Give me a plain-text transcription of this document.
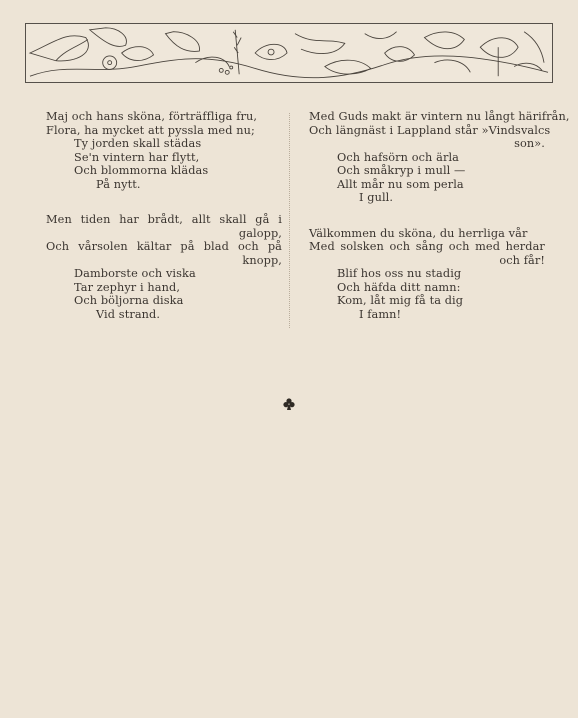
Maj och hans sköna, förträffliga fru,
Flora, ha mycket att pyssla med nu;
Ty jorden skall städas
Se'n vintern har flytt,
Och blommorna klädas
På nytt.
Men tiden har brådt, allt skall gå i
galopp,
Och vårsolen kältar på blad och på
knopp,
Damborste och viska
Tar zephyr i hand,
Och böljorna diska
Vid strand.
Med Guds makt är vintern nu långt härifrån,
Och längnäst i Lappland står »Vindsvalcs
son».
Och hafsörn och ärla
Och småkryp i mull —
Allt mår nu som perla
I gull.
Välkommen du sköna, du herrliga vår
Med solsken och sång och med herdar
och får!
Blif hos oss nu stadig
Och häfda ditt namn:
Kom, låt mig få ta dig
I famn!
